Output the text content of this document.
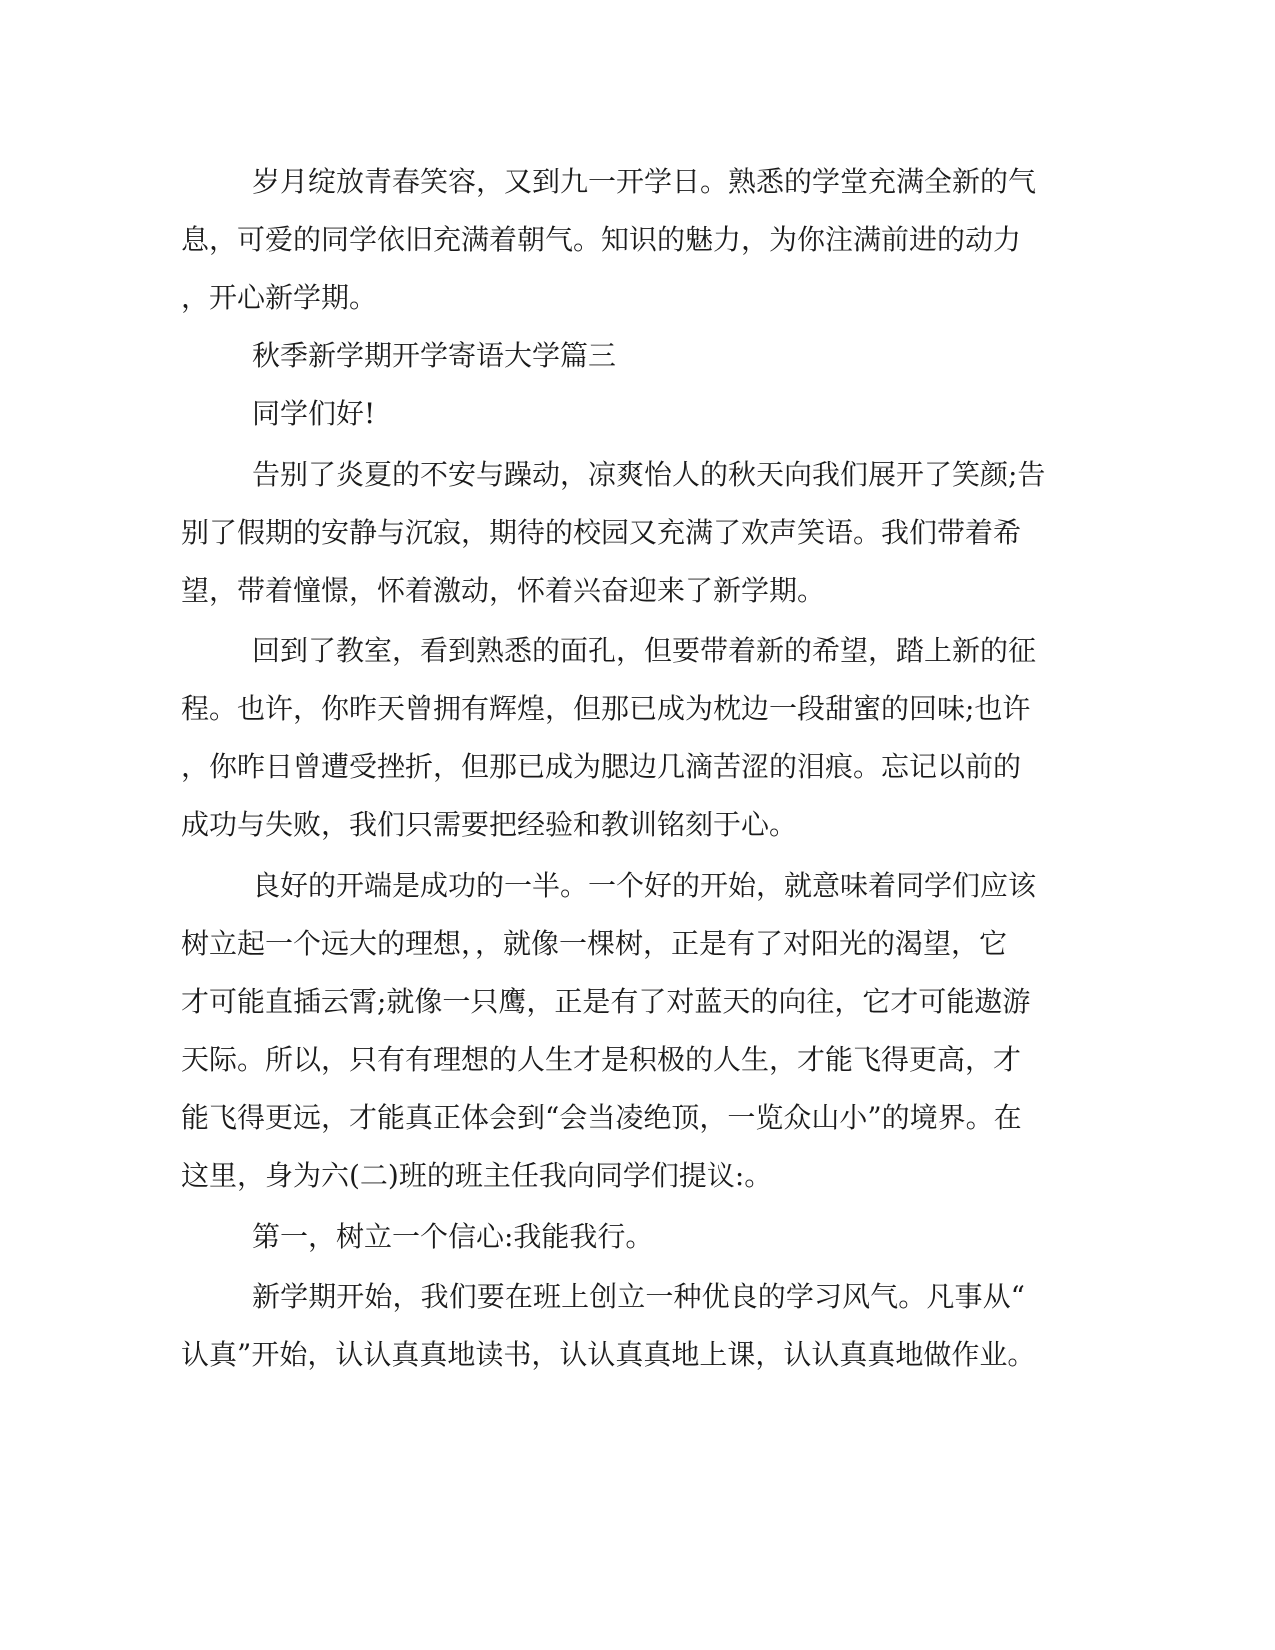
岁月绽放青春笑容，又到九一开学日。熟悉的学堂充满全新的气
息，可爱的同学依旧充满着朝气。知识的魅力，为你注满前进的动力
，开心新学期。
秋季新学期开学寄语大学篇三
同学们好!
告别了炎夏的不安与躁动，凉爽怡人的秋天向我们展开了笑颜;告
别了假期的安静与沉寂，期待的校园又充满了欢声笑语。我们带着希
望，带着憧憬，怀着激动，怀着兴奋迎来了新学期。
回到了教室，看到熟悉的面孔，但要带着新的希望，踏上新的征
程。也许，你昨天曾拥有辉煌，但那已成为枕边一段甜蜜的回味;也许
，你昨日曾遭受挫折，但那已成为腮边几滴苦涩的泪痕。忘记以前的
成功与失败，我们只需要把经验和教训铭刻于心。
良好的开端是成功的一半。一个好的开始，就意味着同学们应该
树立起一个远大的理想，，就像一棵树，正是有了对阳光的渴望，它
才可能直插云霄;就像一只鹰，正是有了对蓝天的向往，它才可能遨游
天际。所以，只有有理想的人生才是积极的人生，才能飞得更高，才
能飞得更远，才能真正体会到“会当凌绝顶，一览众山小”的境界。在
这里，身为六(二)班的班主任我向同学们提议:。
第一，树立一个信心:我能我行。
新学期开始，我们要在班上创立一种优良的学习风气。凡事从“
认真”开始，认认真真地读书，认认真真地上课，认认真真地做作业。
